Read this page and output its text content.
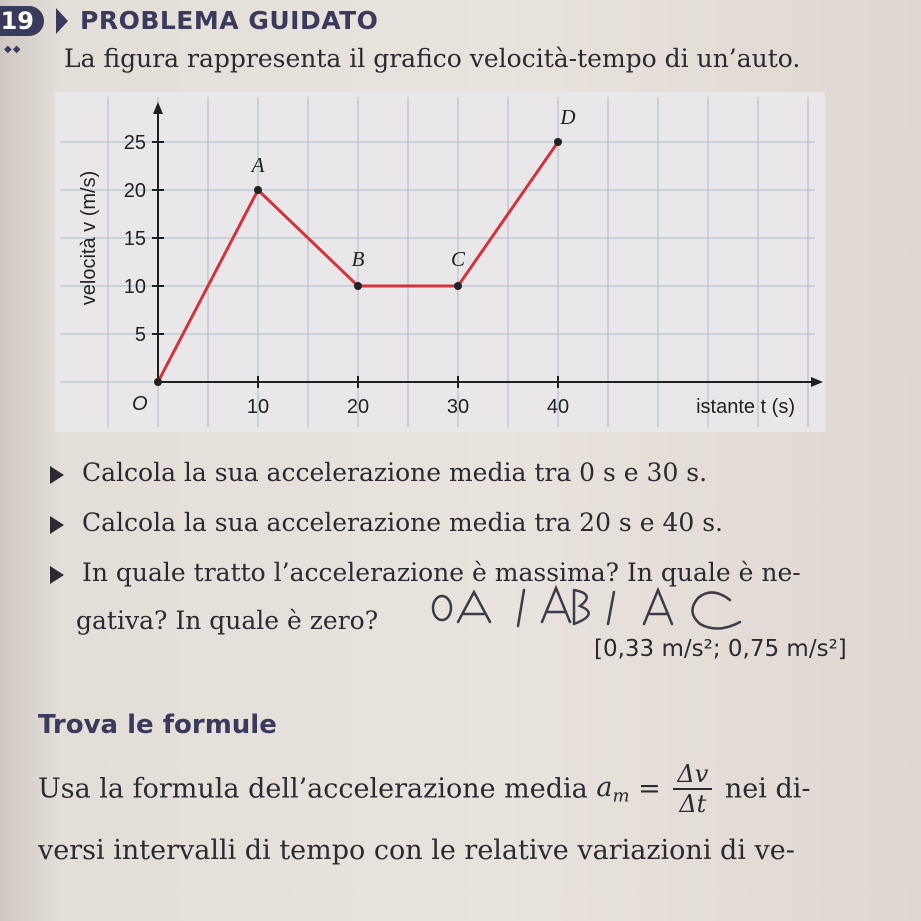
19	PROBLEMA GUIDATO
◆◆ La figura rappresenta il grafico velocità-tempo di un’auto.
10	20	30	40
5
10
15
20
25
O	istante t (s)
velocità v (m/s)
A
B	C
D
Calcola la sua accelerazione media tra 0 s e 30 s.
Calcola la sua accelerazione media tra 20 s e 40 s.
In quale tratto l’accelerazione è massima? In quale è ne-
gativa? In quale è zero?
[0,33 m/s²; 0,75 m/s²]
Trova le formule
Usa la formula dell’accelerazione media $a_m = \frac{\Delta v}{\Delta t}$ nei di-
versi intervalli di tempo con le relative variazioni di ve-
